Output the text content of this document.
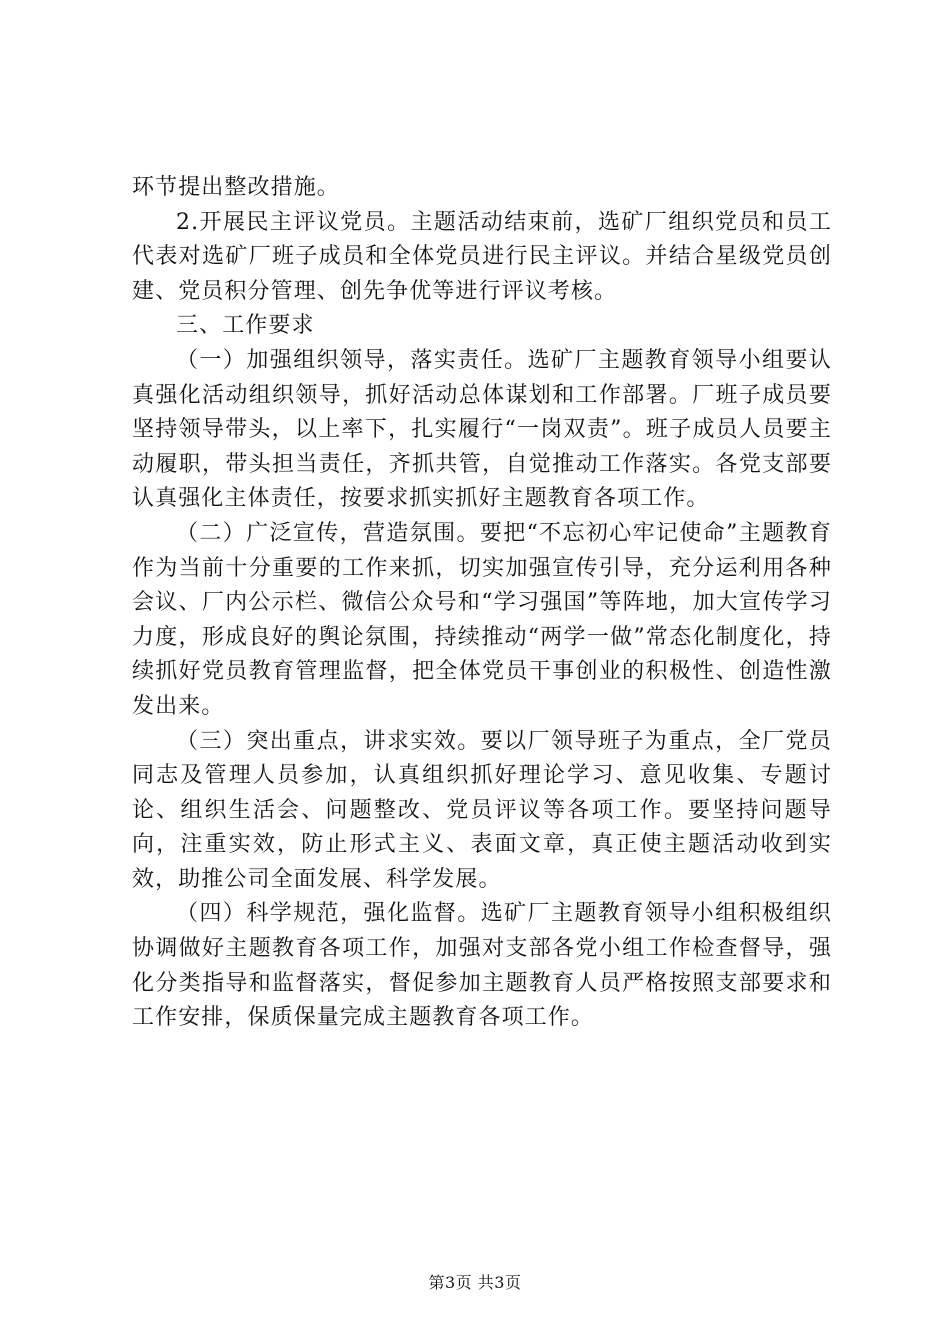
环节提出整改措施。

2.开展民主评议党员。主题活动结束前，选矿厂组织党员和员工代表对选矿厂班子成员和全体党员进行民主评议。并结合星级党员创建、党员积分管理、创先争优等进行评议考核。

三、工作要求

（一）加强组织领导，落实责任。选矿厂主题教育领导小组要认真强化活动组织领导，抓好活动总体谋划和工作部署。厂班子成员要坚持领导带头，以上率下，扎实履行“一岗双责”。班子成员人员要主动履职，带头担当责任，齐抓共管，自觉推动工作落实。各党支部要认真强化主体责任，按要求抓实抓好主题教育各项工作。

（二）广泛宣传，营造氛围。要把“不忘初心牢记使命”主题教育作为当前十分重要的工作来抓，切实加强宣传引导，充分运利用各种会议、厂内公示栏、微信公众号和“学习强国”等阵地，加大宣传学习力度，形成良好的舆论氛围，持续推动“两学一做”常态化制度化，持续抓好党员教育管理监督，把全体党员干事创业的积极性、创造性激发出来。

（三）突出重点，讲求实效。要以厂领导班子为重点，全厂党员同志及管理人员参加，认真组织抓好理论学习、意见收集、专题讨论、组织生活会、问题整改、党员评议等各项工作。要坚持问题导向，注重实效，防止形式主义、表面文章，真正使主题活动收到实效，助推公司全面发展、科学发展。

（四）科学规范，强化监督。选矿厂主题教育领导小组积极组织协调做好主题教育各项工作，加强对支部各党小组工作检查督导，强化分类指导和监督落实，督促参加主题教育人员严格按照支部要求和工作安排，保质保量完成主题教育各项工作。

第3页 共3页
